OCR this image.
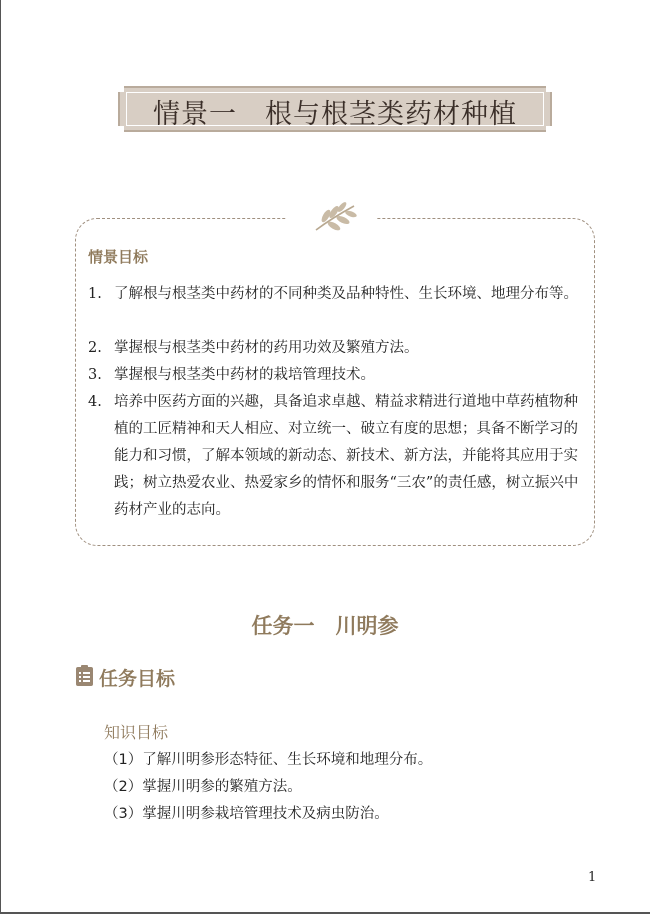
情景一　根与根茎类药材种植
情景目标
1. 了解根与根茎类中药材的不同种类及品种特性、生长环境、地理分布等。
2. 掌握根与根茎类中药材的药用功效及繁殖方法。
3. 掌握根与根茎类中药材的栽培管理技术。
4. 培养中医药方面的兴趣，具备追求卓越、精益求精进行道地中草药植物种植的工匠精神和天人相应、对立统一、破立有度的思想；具备不断学习的能力和习惯，了解本领域的新动态、新技术、新方法，并能将其应用于实践；树立热爱农业、热爱家乡的情怀和服务“三农”的责任感，树立振兴中药材产业的志向。
任务一　川明参
任务目标
知识目标
（1）了解川明参形态特征、生长环境和地理分布。
（2）掌握川明参的繁殖方法。
（3）掌握川明参栽培管理技术及病虫防治。
1
